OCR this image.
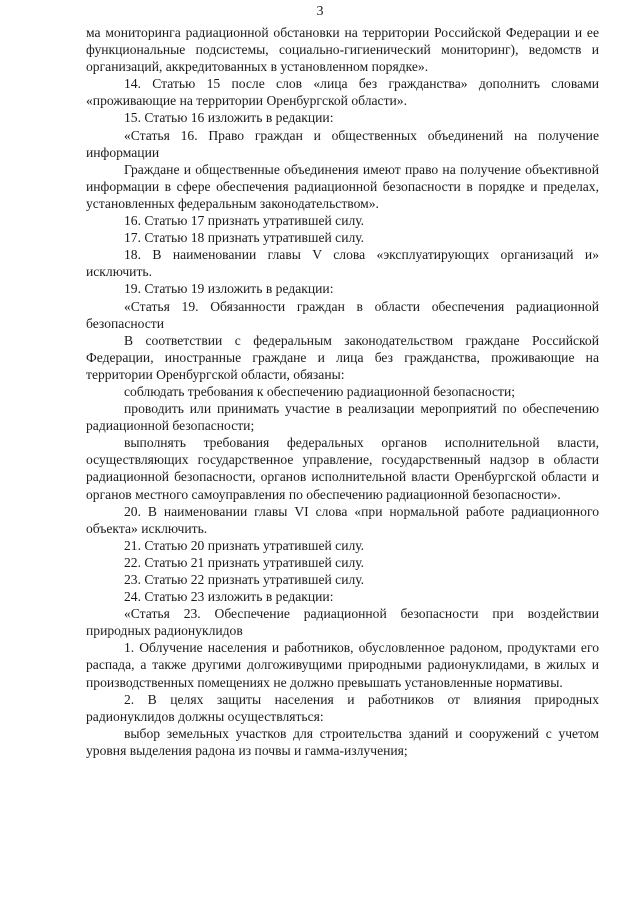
3

ма мониторинга радиационной обстановки на территории Российской Федерации и ее функциональные подсистемы, социально-гигиенический мониторинг), ведомств и организаций, аккредитованных в установленном порядке».

14. Статью 15 после слов «лица без гражданства» дополнить словами «проживающие на территории Оренбургской области».

15. Статью 16 изложить в редакции:

«Статья 16. Право граждан и общественных объединений на получение информации

Граждане и общественные объединения имеют право на получение объективной информации в сфере обеспечения радиационной безопасности в порядке и пределах, установленных федеральным законодательством».

16. Статью 17 признать утратившей силу.

17. Статью 18 признать утратившей силу.

18. В наименовании главы V слова «эксплуатирующих организаций и» исключить.

19. Статью 19 изложить в редакции:

«Статья 19. Обязанности граждан в области обеспечения радиационной безопасности

В соответствии с федеральным законодательством граждане Российской Федерации, иностранные граждане и лица без гражданства, проживающие на территории Оренбургской области, обязаны:

соблюдать требования к обеспечению радиационной безопасности;

проводить или принимать участие в реализации мероприятий по обеспечению радиационной безопасности;

выполнять требования федеральных органов исполнительной власти, осуществляющих государственное управление, государственный надзор в области радиационной безопасности, органов исполнительной власти Оренбургской области и органов местного самоуправления по обеспечению радиационной безопасности».

20. В наименовании главы VI слова «при нормальной работе радиационного объекта» исключить.

21. Статью 20 признать утратившей силу.

22. Статью 21 признать утратившей силу.

23. Статью 22 признать утратившей силу.

24. Статью 23 изложить в редакции:

«Статья 23. Обеспечение радиационной безопасности при воздействии природных радионуклидов

1. Облучение населения и работников, обусловленное радоном, продуктами его распада, а также другими долгоживущими природными радионуклидами, в жилых и производственных помещениях не должно превышать установленные нормативы.

2. В целях защиты населения и работников от влияния природных радионуклидов должны осуществляться:

выбор земельных участков для строительства зданий и сооружений с учетом уровня выделения радона из почвы и гамма-излучения;
